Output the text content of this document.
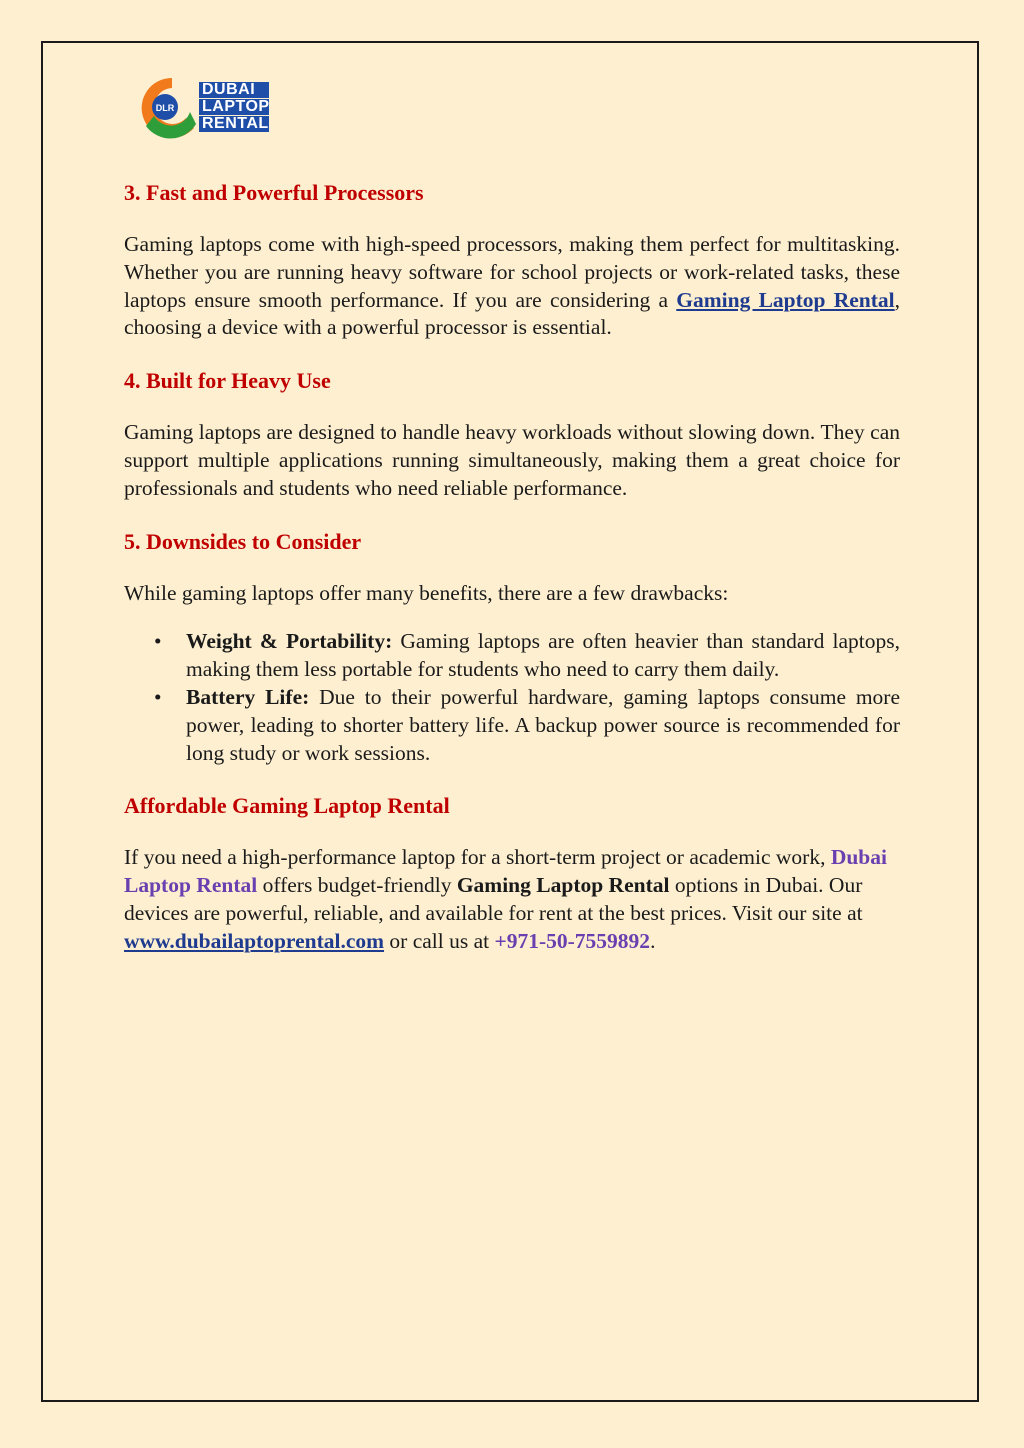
DLR
DUBAI
LAPTOP
RENTAL
3. Fast and Powerful Processors

Gaming laptops come with high-speed processors, making them perfect for multitasking. Whether you are running heavy software for school projects or work-related tasks, these laptops ensure smooth performance. If you are considering a Gaming Laptop Rental, choosing a device with a powerful processor is essential.

4. Built for Heavy Use

Gaming laptops are designed to handle heavy workloads without slowing down. They can support multiple applications running simultaneously, making them a great choice for professionals and students who need reliable performance.

5. Downsides to Consider

While gaming laptops offer many benefits, there are a few drawbacks:

• Weight & Portability: Gaming laptops are often heavier than standard laptops, making them less portable for students who need to carry them daily.
• Battery Life: Due to their powerful hardware, gaming laptops consume more power, leading to shorter battery life. A backup power source is recommended for long study or work sessions.
Affordable Gaming Laptop Rental

If you need a high-performance laptop for a short-term project or academic work, Dubai Laptop Rental offers budget-friendly Gaming Laptop Rental options in Dubai. Our devices are powerful, reliable, and available for rent at the best prices. Visit our site at www.dubailaptoprental.com or call us at +971-50-7559892.
